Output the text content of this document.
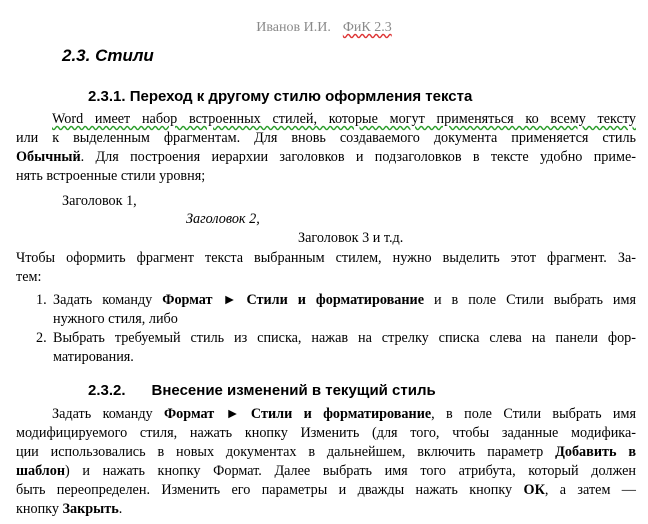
Иванов И.И. ФиК 2.3
2.3. Стили
2.3.1. Переход к другому стилю оформления текста
Word имеет набор встроенных стилей, которые могут применяться ко всему тексту
или к выделенным фрагментам. Для вновь создаваемого документа применяется стиль
Обычный. Для построения иерархии заголовков и подзаголовков в тексте удобно приме-
нять встроенные стили уровня;
Заголовок 1,
Заголовок 2,
Заголовок 3 и т.д.
Чтобы оформить фрагмент текста выбранным стилем, нужно выделить этот фрагмент. За-
тем:
1. Задать команду Формат ► Стили и форматирование и в поле Стили выбрать имя
нужного стиля, либо
2. Выбрать требуемый стиль из списка, нажав на стрелку списка слева на панели фор-
матирования.
2.3.2. Внесение изменений в текущий стиль
Задать команду Формат ► Стили и форматирование, в поле Стили выбрать имя
модифицируемого стиля, нажать кнопку Изменить (для того, чтобы заданные модифика-
ции использовались в новых документах в дальнейшем, включить параметр Добавить в
шаблон) и нажать кнопку Формат. Далее выбрать имя того атрибута, который должен
быть переопределен. Изменить его параметры и дважды нажать кнопку ОК, а затем —
кнопку Закрыть.
